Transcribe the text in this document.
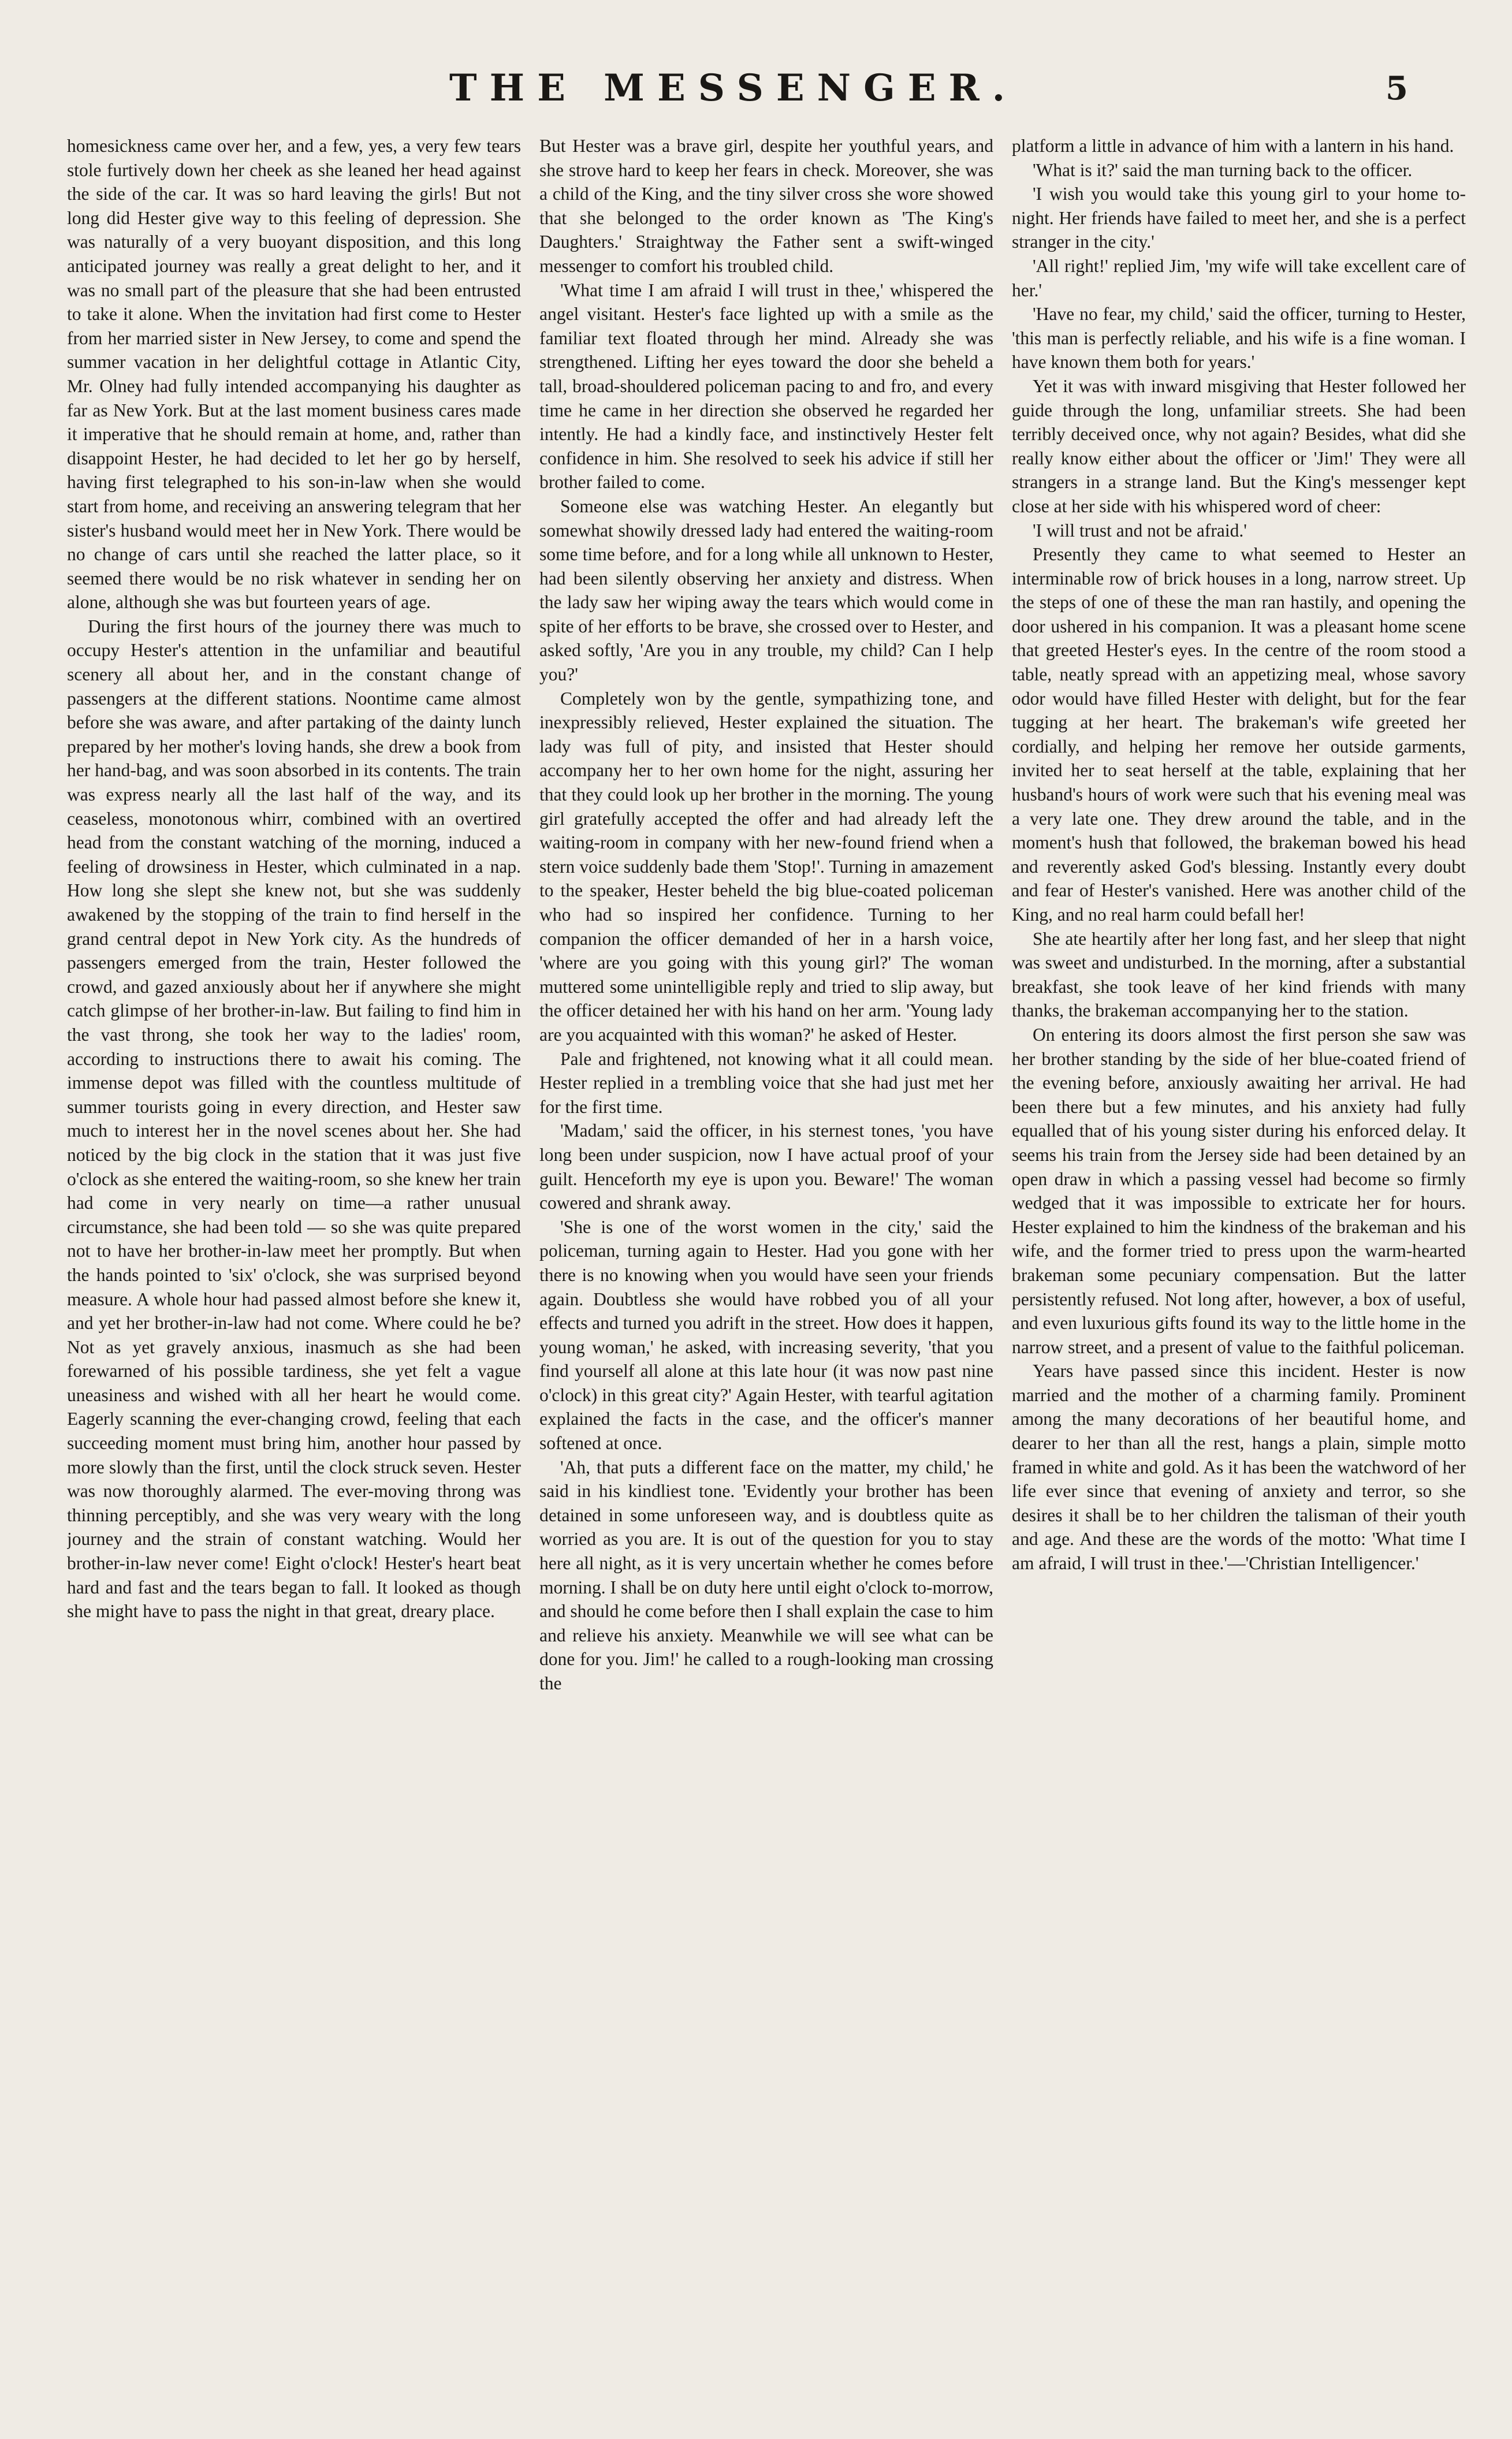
THE MESSENGER.	5

homesickness came over her, and a few, yes, a very few tears stole furtively down her cheek as she leaned her head against the side of the car. It was so hard leaving the girls! But not long did Hester give way to this feeling of depression. She was naturally of a very buoyant disposition, and this long anticipated journey was really a great delight to her, and it was no small part of the pleasure that she had been entrusted to take it alone. When the invitation had first come to Hester from her married sister in New Jersey, to come and spend the summer vacation in her delightful cottage in Atlantic City, Mr. Olney had fully intended accompanying his daughter as far as New York. But at the last moment business cares made it imperative that he should remain at home, and, rather than disappoint Hester, he had decided to let her go by herself, having first telegraphed to his son-in-law when she would start from home, and receiving an answering telegram that her sister's husband would meet her in New York. There would be no change of cars until she reached the latter place, so it seemed there would be no risk whatever in sending her on alone, although she was but fourteen years of age.

During the first hours of the journey there was much to occupy Hester's attention in the unfamiliar and beautiful scenery all about her, and in the constant change of passengers at the different stations. Noontime came almost before she was aware, and after partaking of the dainty lunch prepared by her mother's loving hands, she drew a book from her hand-bag, and was soon absorbed in its contents. The train was express nearly all the last half of the way, and its ceaseless, monotonous whirr, combined with an overtired head from the constant watching of the morning, induced a feeling of drowsiness in Hester, which culminated in a nap. How long she slept she knew not, but she was suddenly awakened by the stopping of the train to find herself in the grand central depot in New York city. As the hundreds of passengers emerged from the train, Hester followed the crowd, and gazed anxiously about her if anywhere she might catch glimpse of her brother-in-law. But failing to find him in the vast throng, she took her way to the ladies' room, according to instructions there to await his coming. The immense depot was filled with the countless multitude of summer tourists going in every direction, and Hester saw much to interest her in the novel scenes about her. She had noticed by the big clock in the station that it was just five o'clock as she entered the waiting-room, so she knew her train had come in very nearly on time—a rather unusual circumstance, she had been told — so she was quite prepared not to have her brother-in-law meet her promptly. But when the hands pointed to 'six' o'clock, she was surprised beyond measure. A whole hour had passed almost before she knew it, and yet her brother-in-law had not come. Where could he be? Not as yet gravely anxious, inasmuch as she had been forewarned of his possible tardiness, she yet felt a vague uneasiness and wished with all her heart he would come. Eagerly scanning the ever-changing crowd, feeling that each succeeding moment must bring him, another hour passed by more slowly than the first, until the clock struck seven. Hester was now thoroughly alarmed. The ever-moving throng was thinning perceptibly, and she was very weary with the long journey and the strain of constant watching. Would her brother-in-law never come! Eight o'clock! Hester's heart beat hard and fast and the tears began to fall. It looked as though she might have to pass the night in that great, dreary place.

But Hester was a brave girl, despite her youthful years, and she strove hard to keep her fears in check. Moreover, she was a child of the King, and the tiny silver cross she wore showed that she belonged to the order known as 'The King's Daughters.' Straightway the Father sent a swift-winged messenger to comfort his troubled child.

'What time I am afraid I will trust in thee,' whispered the angel visitant. Hester's face lighted up with a smile as the familiar text floated through her mind. Already she was strengthened. Lifting her eyes toward the door she beheld a tall, broad-shouldered policeman pacing to and fro, and every time he came in her direction she observed he regarded her intently. He had a kindly face, and instinctively Hester felt confidence in him. She resolved to seek his advice if still her brother failed to come.

Someone else was watching Hester. An elegantly but somewhat showily dressed lady had entered the waiting-room some time before, and for a long while all unknown to Hester, had been silently observing her anxiety and distress. When the lady saw her wiping away the tears which would come in spite of her efforts to be brave, she crossed over to Hester, and asked softly, 'Are you in any trouble, my child? Can I help you?'

Completely won by the gentle, sympathizing tone, and inexpressibly relieved, Hester explained the situation. The lady was full of pity, and insisted that Hester should accompany her to her own home for the night, assuring her that they could look up her brother in the morning. The young girl gratefully accepted the offer and had already left the waiting-room in company with her new-found friend when a stern voice suddenly bade them 'Stop!'. Turning in amazement to the speaker, Hester beheld the big blue-coated policeman who had so inspired her confidence. Turning to her companion the officer demanded of her in a harsh voice, 'where are you going with this young girl?' The woman muttered some unintelligible reply and tried to slip away, but the officer detained her with his hand on her arm. 'Young lady are you acquainted with this woman?' he asked of Hester.

Pale and frightened, not knowing what it all could mean. Hester replied in a trembling voice that she had just met her for the first time.

'Madam,' said the officer, in his sternest tones, 'you have long been under suspicion, now I have actual proof of your guilt. Henceforth my eye is upon you. Beware!' The woman cowered and shrank away.

'She is one of the worst women in the city,' said the policeman, turning again to Hester. Had you gone with her there is no knowing when you would have seen your friends again. Doubtless she would have robbed you of all your effects and turned you adrift in the street. How does it happen, young woman,' he asked, with increasing severity, 'that you find yourself all alone at this late hour (it was now past nine o'clock) in this great city?' Again Hester, with tearful agitation explained the facts in the case, and the officer's manner softened at once.

'Ah, that puts a different face on the matter, my child,' he said in his kindliest tone. 'Evidently your brother has been detained in some unforeseen way, and is doubtless quite as worried as you are. It is out of the question for you to stay here all night, as it is very uncertain whether he comes before morning. I shall be on duty here until eight o'clock to-morrow, and should he come before then I shall explain the case to him and relieve his anxiety. Meanwhile we will see what can be done for you. Jim!' he called to a rough-looking man crossing the

platform a little in advance of him with a lantern in his hand.

'What is it?' said the man turning back to the officer.

'I wish you would take this young girl to your home to-night. Her friends have failed to meet her, and she is a perfect stranger in the city.'

'All right!' replied Jim, 'my wife will take excellent care of her.'

'Have no fear, my child,' said the officer, turning to Hester, 'this man is perfectly reliable, and his wife is a fine woman. I have known them both for years.'

Yet it was with inward misgiving that Hester followed her guide through the long, unfamiliar streets. She had been terribly deceived once, why not again? Besides, what did she really know either about the officer or 'Jim!' They were all strangers in a strange land. But the King's messenger kept close at her side with his whispered word of cheer:

'I will trust and not be afraid.'

Presently they came to what seemed to Hester an interminable row of brick houses in a long, narrow street. Up the steps of one of these the man ran hastily, and opening the door ushered in his companion. It was a pleasant home scene that greeted Hester's eyes. In the centre of the room stood a table, neatly spread with an appetizing meal, whose savory odor would have filled Hester with delight, but for the fear tugging at her heart. The brakeman's wife greeted her cordially, and helping her remove her outside garments, invited her to seat herself at the table, explaining that her husband's hours of work were such that his evening meal was a very late one. They drew around the table, and in the moment's hush that followed, the brakeman bowed his head and reverently asked God's blessing. Instantly every doubt and fear of Hester's vanished. Here was another child of the King, and no real harm could befall her!

She ate heartily after her long fast, and her sleep that night was sweet and undisturbed. In the morning, after a substantial breakfast, she took leave of her kind friends with many thanks, the brakeman accompanying her to the station.

On entering its doors almost the first person she saw was her brother standing by the side of her blue-coated friend of the evening before, anxiously awaiting her arrival. He had been there but a few minutes, and his anxiety had fully equalled that of his young sister during his enforced delay. It seems his train from the Jersey side had been detained by an open draw in which a passing vessel had become so firmly wedged that it was impossible to extricate her for hours. Hester explained to him the kindness of the brakeman and his wife, and the former tried to press upon the warm-hearted brakeman some pecuniary compensation. But the latter persistently refused. Not long after, however, a box of useful, and even luxurious gifts found its way to the little home in the narrow street, and a present of value to the faithful policeman.

Years have passed since this incident. Hester is now married and the mother of a charming family. Prominent among the many decorations of her beautiful home, and dearer to her than all the rest, hangs a plain, simple motto framed in white and gold. As it has been the watchword of her life ever since that evening of anxiety and terror, so she desires it shall be to her children the talisman of their youth and age. And these are the words of the motto: 'What time I am afraid, I will trust in thee.'—'Christian Intelligencer.'
